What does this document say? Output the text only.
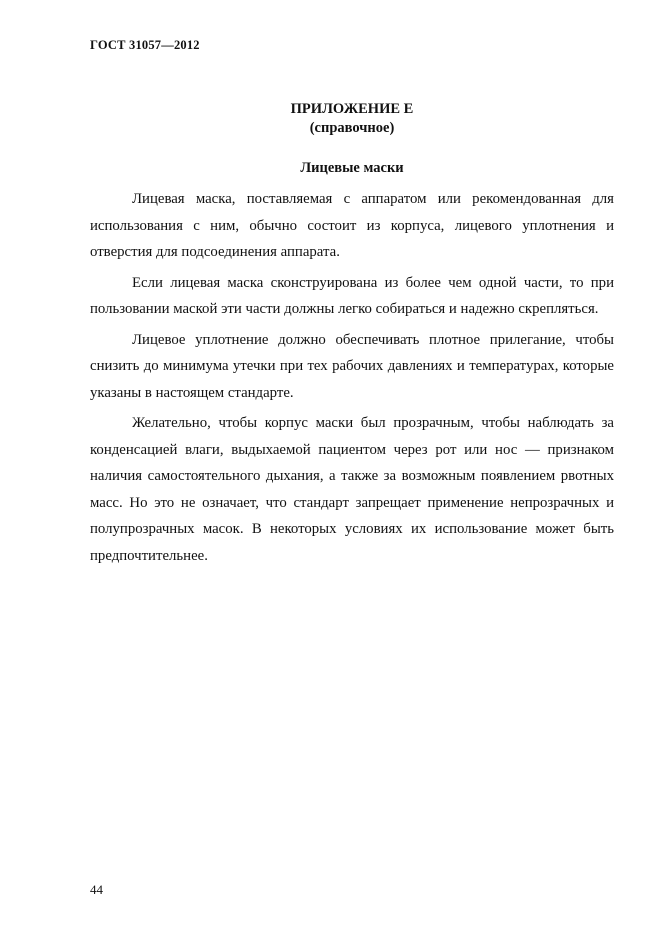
ГОСТ 31057—2012
ПРИЛОЖЕНИЕ Е
(справочное)
Лицевые маски

Лицевая маска, поставляемая с аппаратом или рекомендованная для использования с ним, обычно состоит из корпуса, лицевого уплотнения и отверстия для подсоединения аппарата.

Если лицевая маска сконструирована из более чем одной части, то при пользовании маской эти части должны легко собираться и надежно скрепляться.

Лицевое уплотнение должно обеспечивать плотное прилегание, чтобы снизить до минимума утечки при тех рабочих давлениях и температурах, которые указаны в настоящем стандарте.

Желательно, чтобы корпус маски был прозрачным, чтобы наблюдать за конденсацией влаги, выдыхаемой пациентом через рот или нос — признаком наличия самостоятельного дыхания, а также за возможным появлением рвотных масс. Но это не означает, что стандарт запрещает применение непрозрачных и полупрозрачных масок. В некоторых условиях их использование может быть предпочтительнее.

44
